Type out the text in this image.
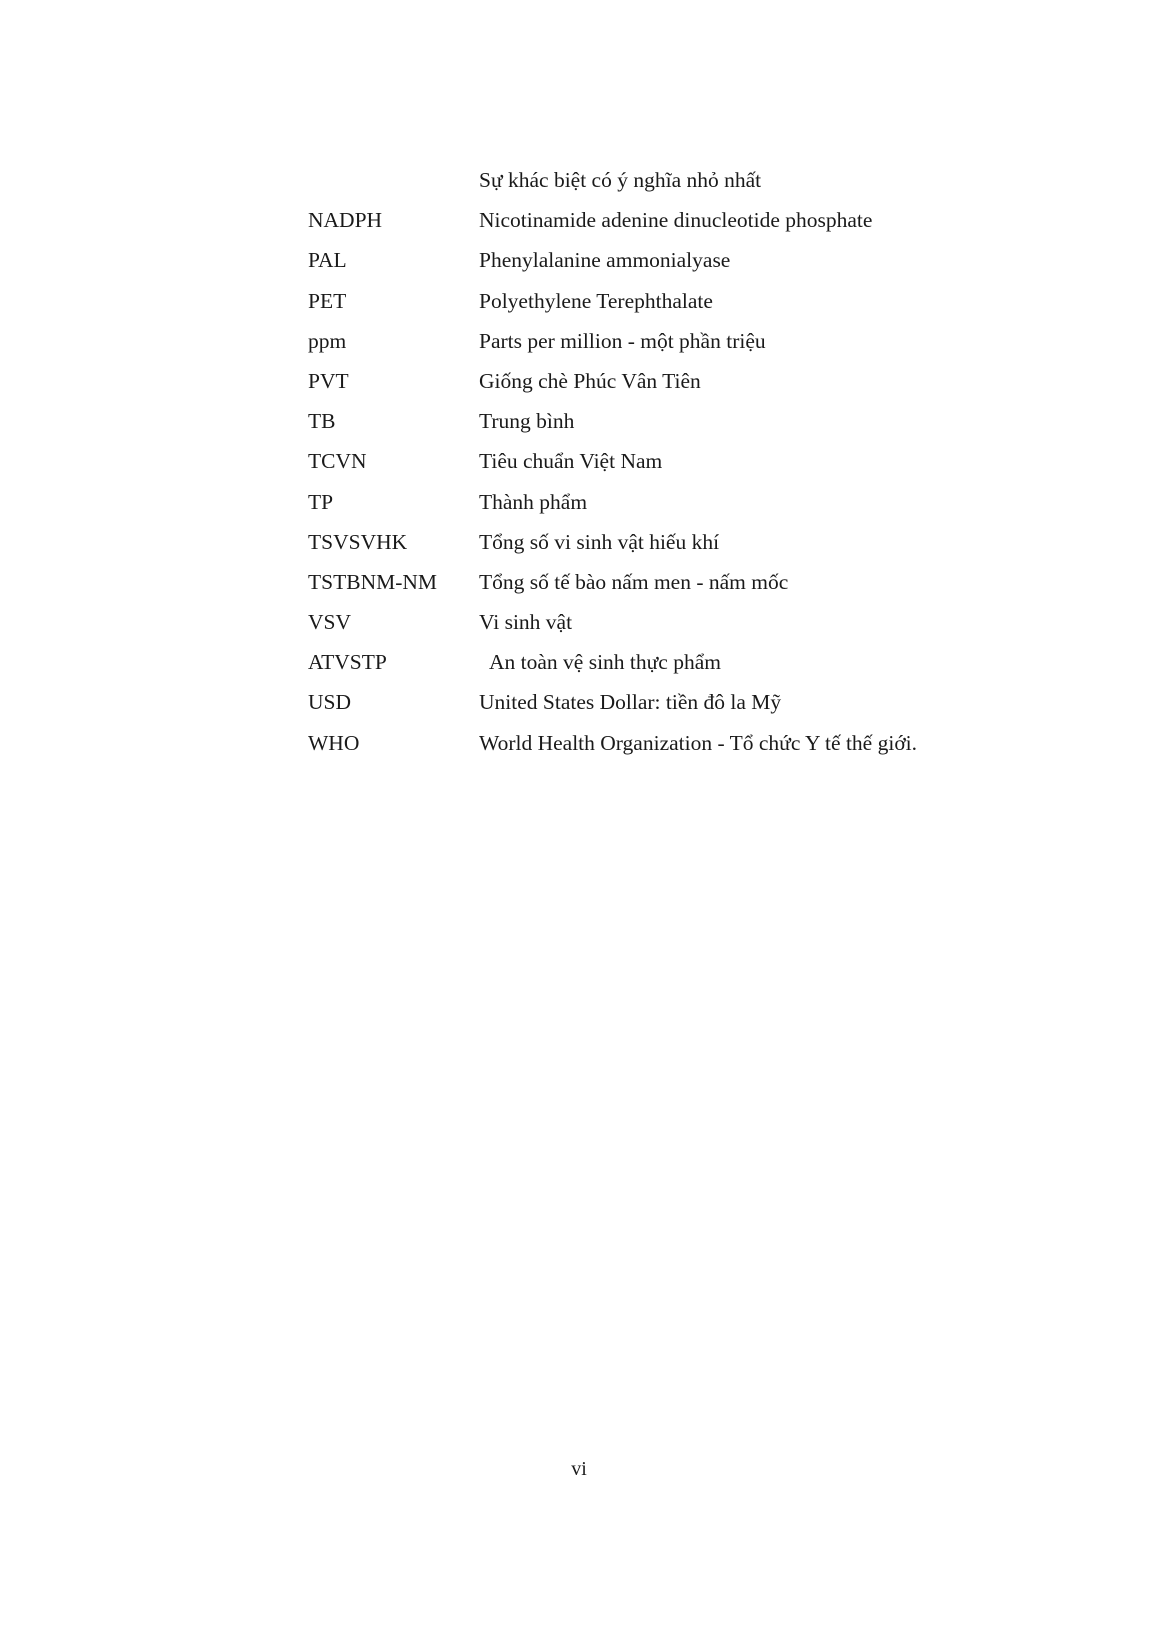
Sự khác biệt có ý nghĩa nhỏ nhất
NADPH	Nicotinamide adenine dinucleotide phosphate
PAL	Phenylalanine ammonialyase
PET	Polyethylene Terephthalate
ppm	Parts per million - một phần triệu
PVT	Giống chè Phúc Vân Tiên
TB	Trung bình
TCVN	Tiêu chuẩn Việt Nam
TP	Thành phẩm
TSVSVHK	Tổng số vi sinh vật hiếu khí
TSTBNM-NM	Tổng số tế bào nấm men - nấm mốc
VSV	Vi sinh vật
ATVSTP	An toàn vệ sinh thực phẩm
USD	United States Dollar: tiền đô la Mỹ
WHO	World Health Organization - Tổ chức Y tế thế giới.
vi
